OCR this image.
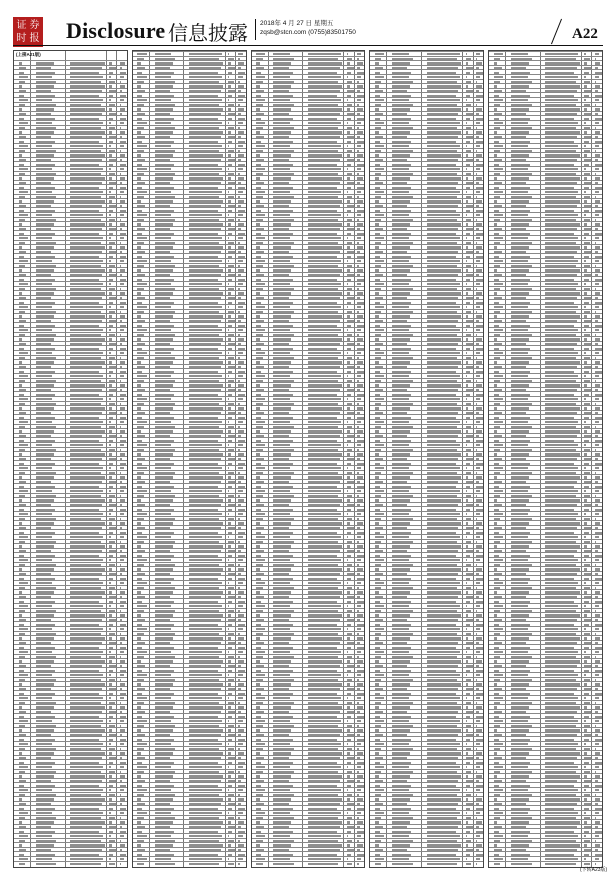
证 券
时 报 Disclosure 信息披露 2018年 4 月 27 日 星期五
zqsb@stcn.com (0755)83501750	A22
(上接A21版)
(下转A23版)
